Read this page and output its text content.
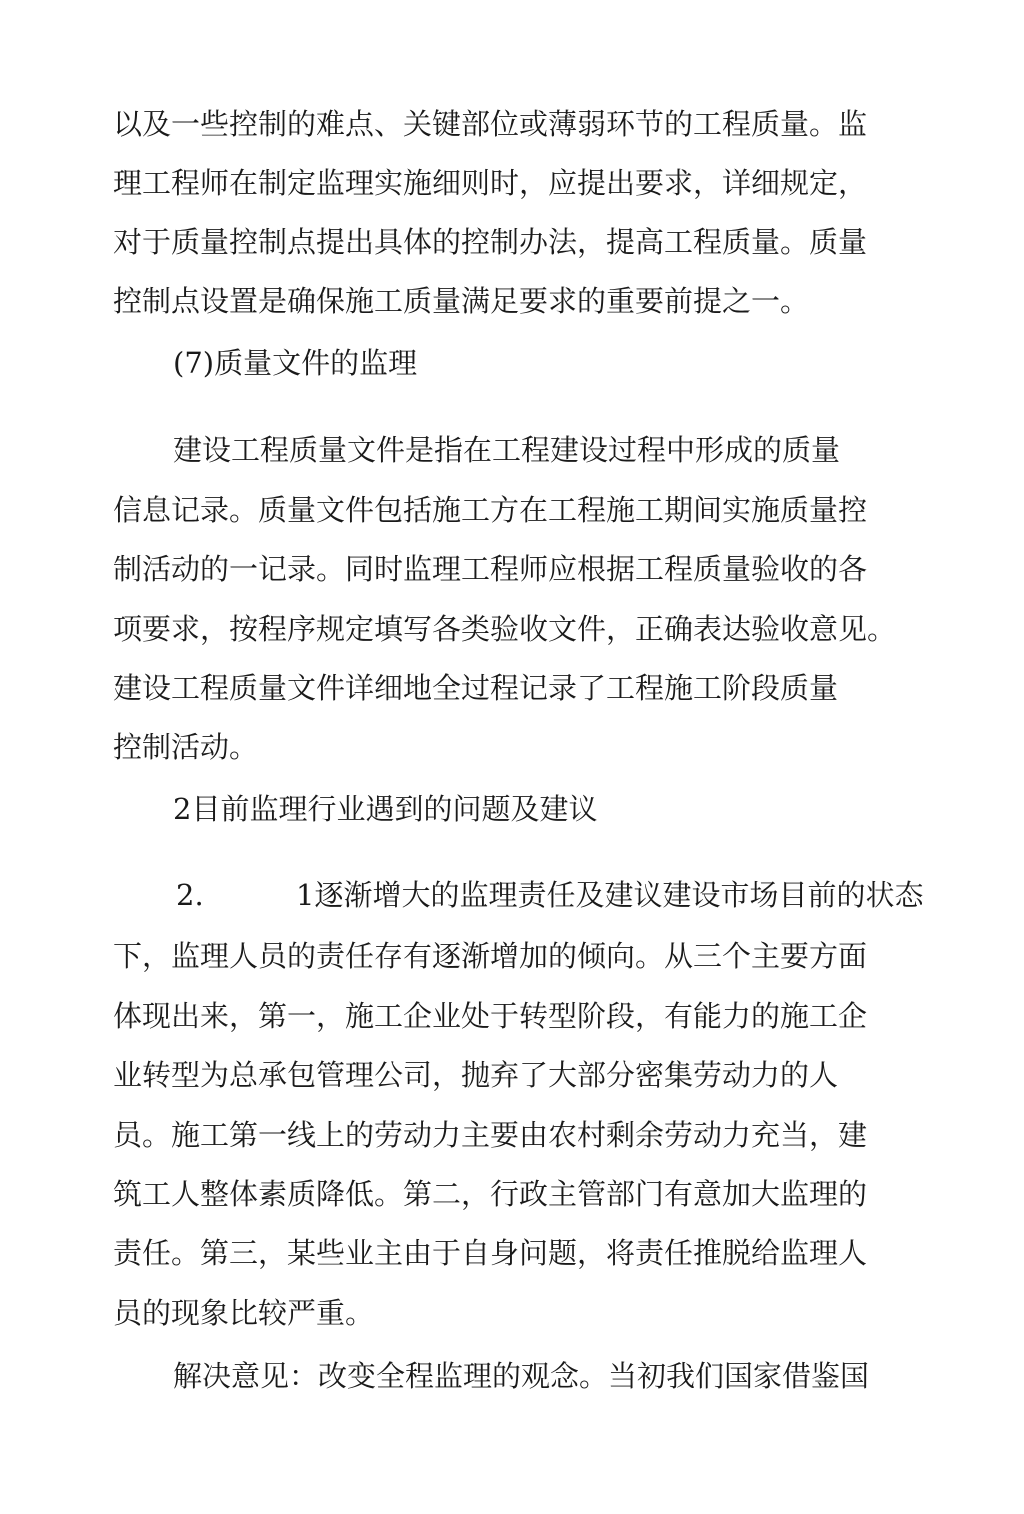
以及一些控制的难点、关键部位或薄弱环节的工程质量。监
理工程师在制定监理实施细则时，应提出要求，详细规定，
对于质量控制点提出具体的控制办法，提高工程质量。质量
控制点设置是确保施工质量满足要求的重要前提之一。
(7)质量文件的监理
建设工程质量文件是指在工程建设过程中形成的质量
信息记录。质量文件包括施工方在工程施工期间实施质量控
制活动的一记录。同时监理工程师应根据工程质量验收的各
项要求，按程序规定填写各类验收文件，正确表达验收意见。
建设工程质量文件详细地全过程记录了工程施工阶段质量
控制活动。
2目前监理行业遇到的问题及建议
2.	1逐渐增大的监理责任及建议建设市场目前的状态
下，监理人员的责任存有逐渐增加的倾向。从三个主要方面
体现出来，第一，施工企业处于转型阶段，有能力的施工企
业转型为总承包管理公司，抛弃了大部分密集劳动力的人
员。施工第一线上的劳动力主要由农村剩余劳动力充当，建
筑工人整体素质降低。第二，行政主管部门有意加大监理的
责任。第三，某些业主由于自身问题，将责任推脱给监理人
员的现象比较严重。
解决意见：改变全程监理的观念。当初我们国家借鉴国
